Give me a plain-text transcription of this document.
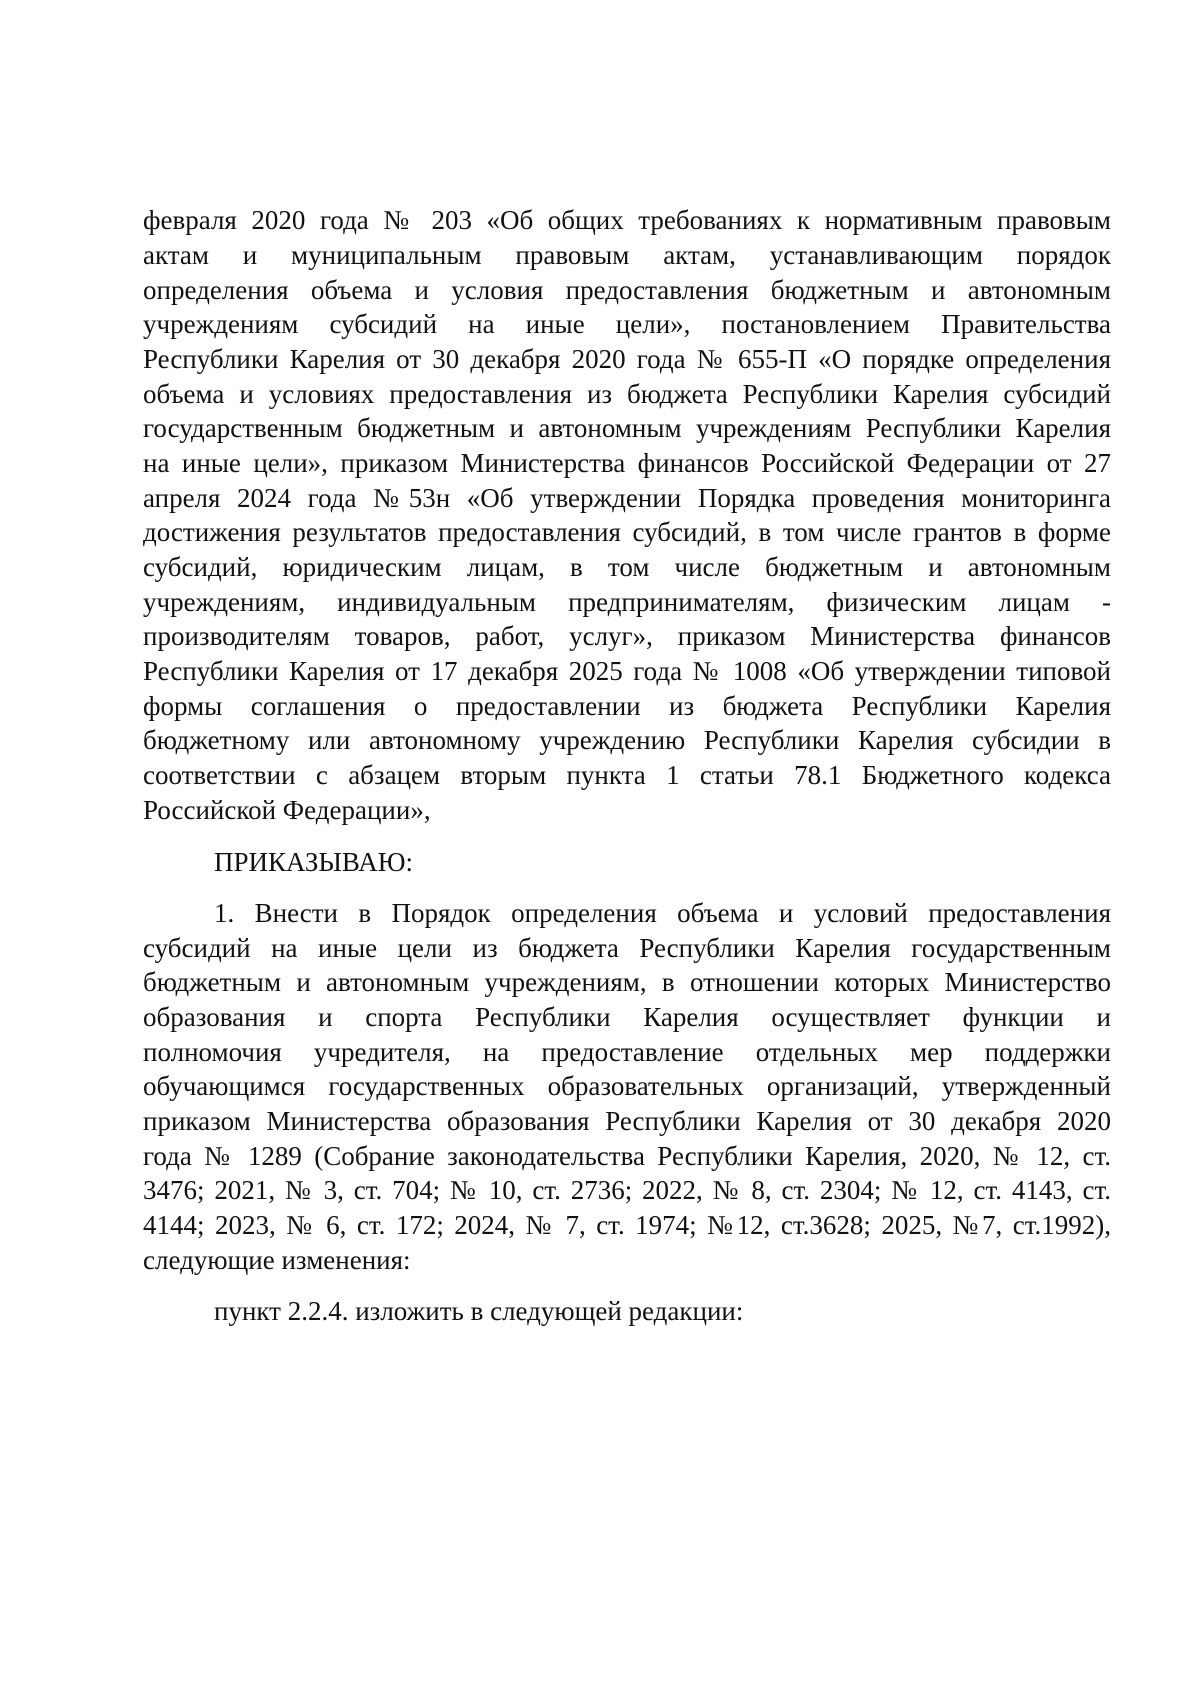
февраля 2020 года № 203 «Об общих требованиях к нормативным правовым
актам и муниципальным правовым актам, устанавливающим порядок
определения объема и условия предоставления бюджетным и автономным
учреждениям субсидий на иные цели», постановлением Правительства
Республики Карелия от 30 декабря 2020 года № 655-П «О порядке определения
объема и условиях предоставления из бюджета Республики Карелия субсидий
государственным бюджетным и автономным учреждениям Республики Карелия
на иные цели», приказом Министерства финансов Российской Федерации от 27
апреля 2024 года №53н «Об утверждении Порядка проведения мониторинга
достижения результатов предоставления субсидий, в том числе грантов в форме
субсидий, юридическим лицам, в том числе бюджетным и автономным
учреждениям, индивидуальным предпринимателям, физическим лицам -
производителям товаров, работ, услуг», приказом Министерства финансов
Республики Карелия от 17 декабря 2025 года № 1008 «Об утверждении типовой
формы соглашения о предоставлении из бюджета Республики Карелия
бюджетному или автономному учреждению Республики Карелия субсидии в
соответствии с абзацем вторым пункта 1 статьи 78.1 Бюджетного кодекса
Российской Федерации»,
ПРИКАЗЫВАЮ:
1. Внести в Порядок определения объема и условий предоставления
субсидий на иные цели из бюджета Республики Карелия государственным
бюджетным и автономным учреждениям, в отношении которых Министерство
образования и спорта Республики Карелия осуществляет функции и
полномочия учредителя, на предоставление отдельных мер поддержки
обучающимся государственных образовательных организаций, утвержденный
приказом Министерства образования Республики Карелия от 30 декабря 2020
года № 1289 (Собрание законодательства Республики Карелия, 2020, № 12, ст.
3476; 2021, № 3, ст. 704; № 10, ст. 2736; 2022, № 8, ст. 2304; № 12, ст. 4143, ст.
4144; 2023, № 6, ст. 172; 2024, № 7, ст. 1974; №12, ст.3628; 2025, №7, ст.1992),
следующие изменения:
пункт 2.2.4. изложить в следующей редакции:
